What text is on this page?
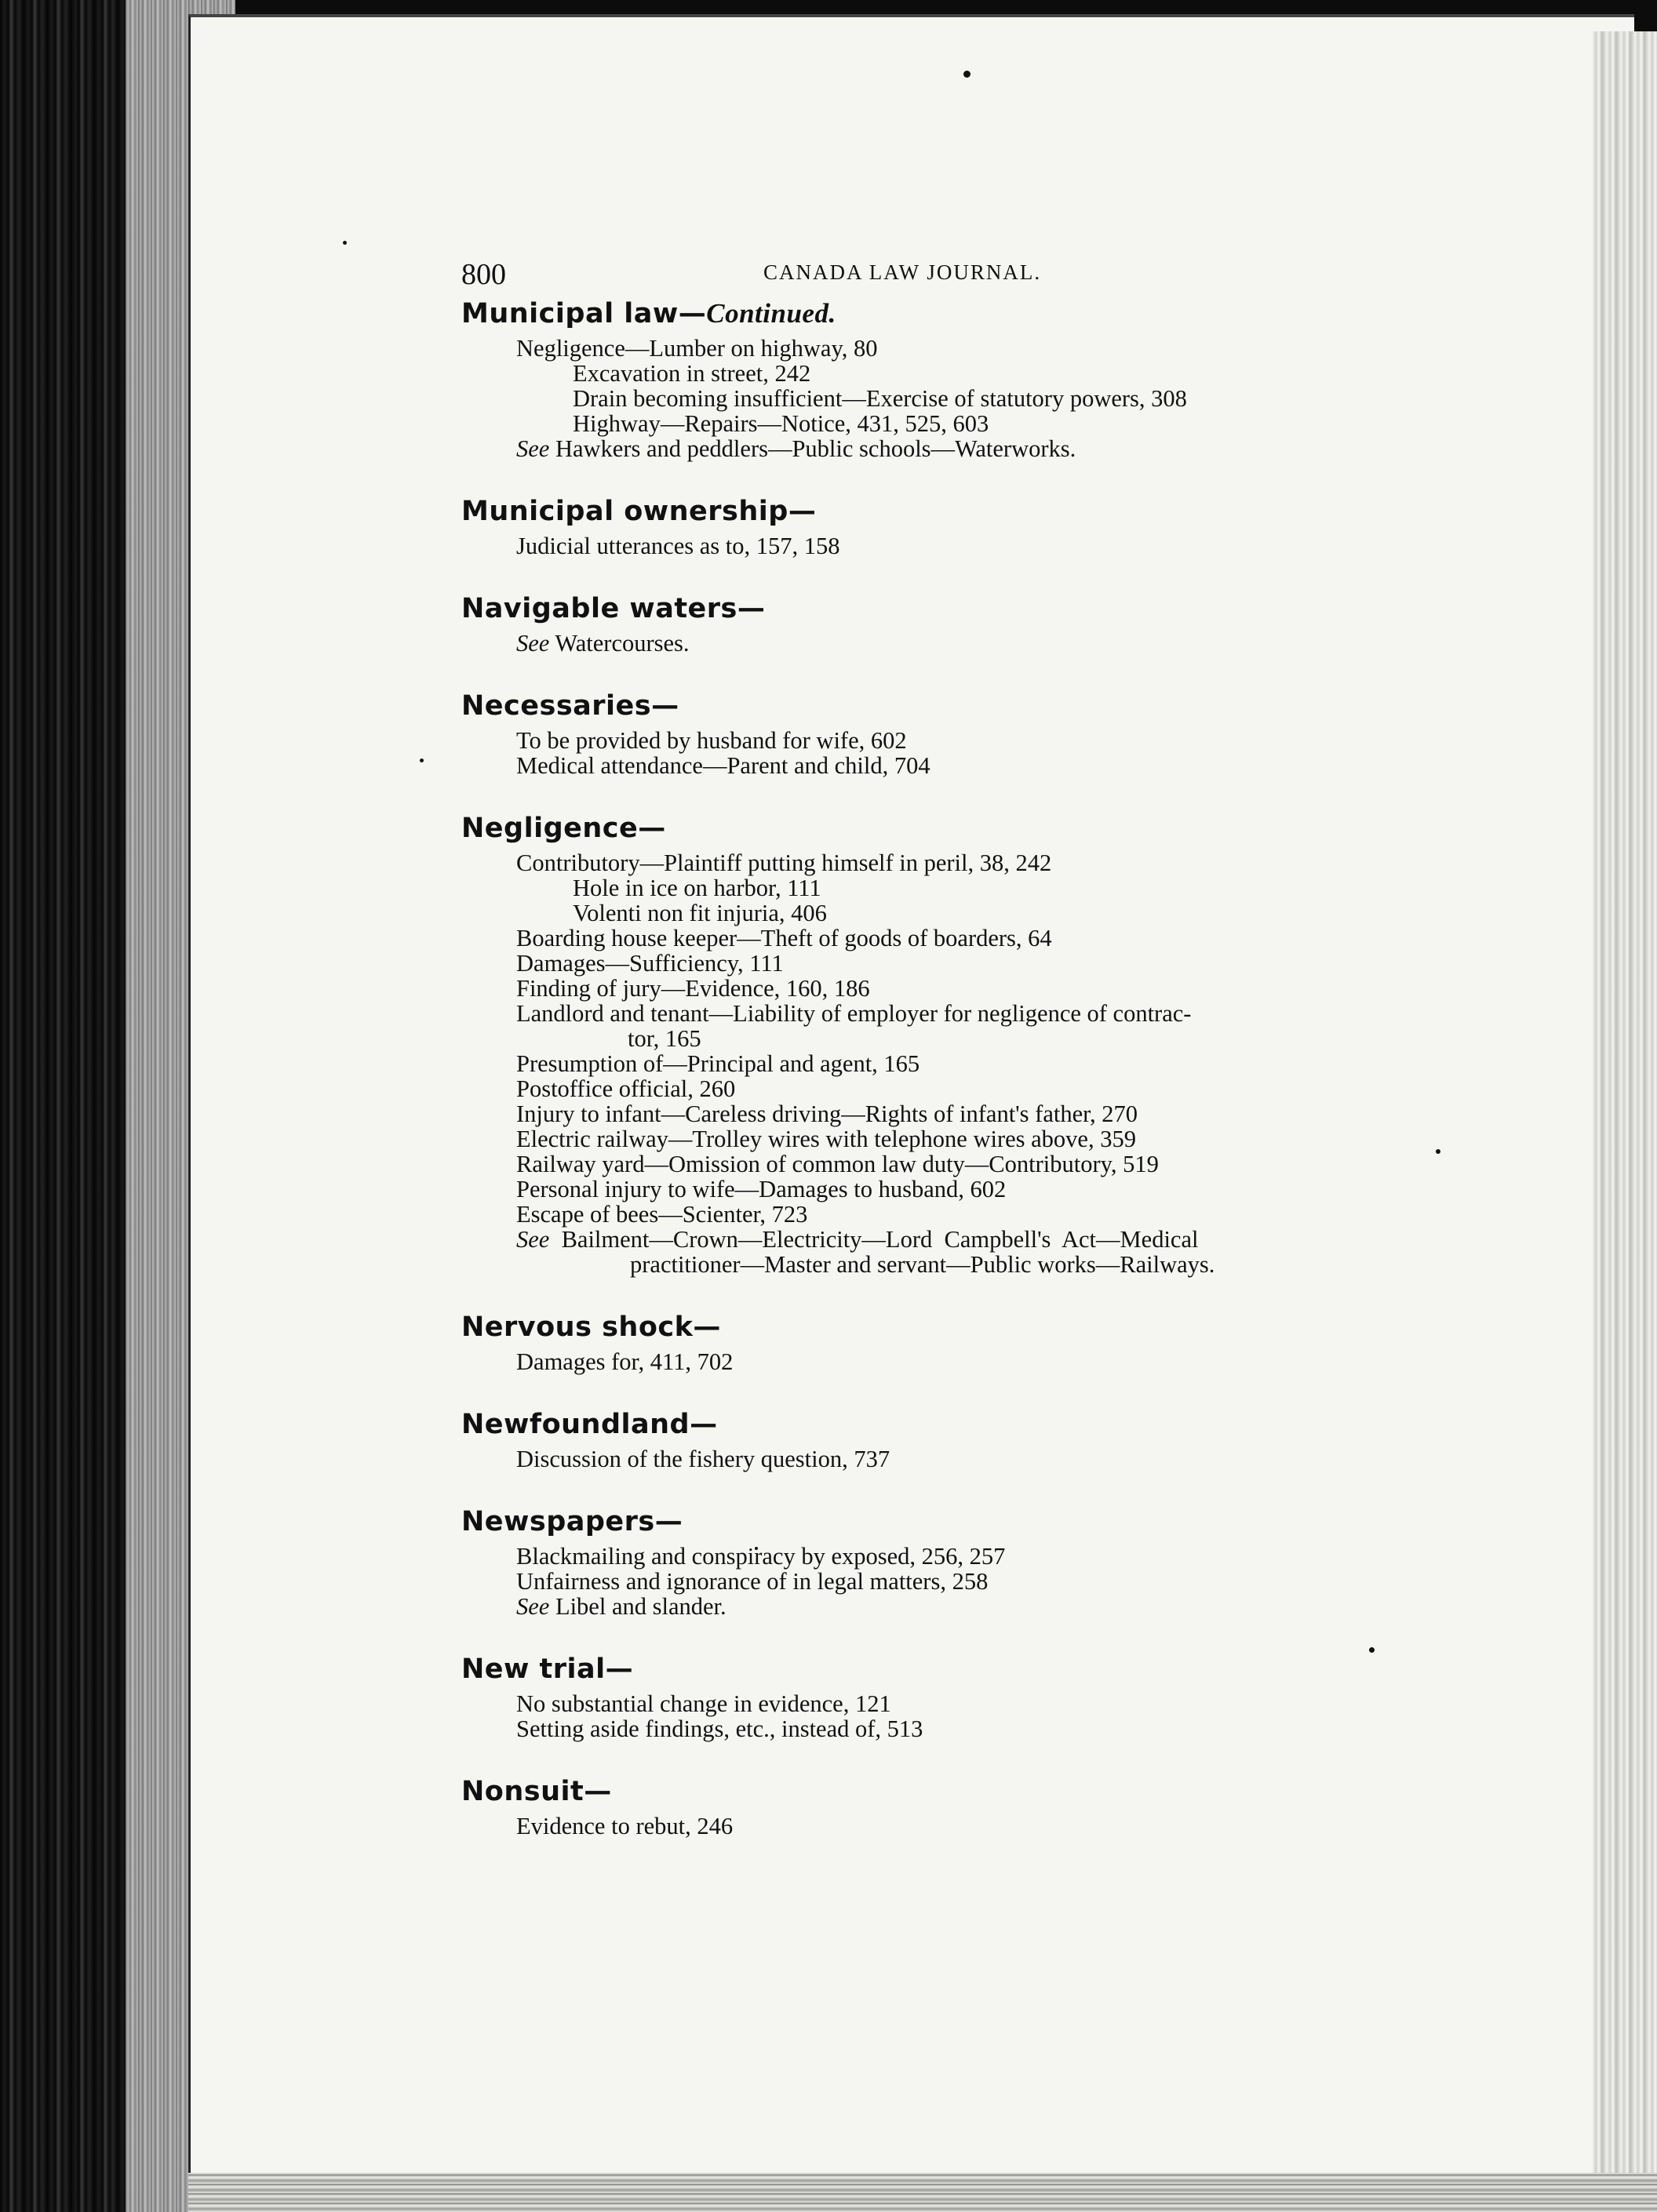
800	CANADA LAW JOURNAL.
Municipal law—Continued.
Negligence—Lumber on highway, 80
Excavation in street, 242
Drain becoming insufficient—Exercise of statutory powers, 308
Highway—Repairs—Notice, 431, 525, 603
See Hawkers and peddlers—Public schools—Waterworks.
Municipal ownership—
Judicial utterances as to, 157, 158
Navigable waters—
See Watercourses.
Necessaries—
To be provided by husband for wife, 602
Medical attendance—Parent and child, 704
Negligence—
Contributory—Plaintiff putting himself in peril, 38, 242
Hole in ice on harbor, 111
Volenti non fit injuria, 406
Boarding house keeper—Theft of goods of boarders, 64
Damages—Sufficiency, 111
Finding of jury—Evidence, 160, 186
Landlord and tenant—Liability of employer for negligence of contrac-
tor, 165
Presumption of—Principal and agent, 165
Postoffice official, 260
Injury to infant—Careless driving—Rights of infant's father, 270
Electric railway—Trolley wires with telephone wires above, 359
Railway yard—Omission of common law duty—Contributory, 519
Personal injury to wife—Damages to husband, 602
Escape of bees—Scienter, 723
See  Bailment—Crown—Electricity—Lord  Campbell's  Act—Medical
practitioner—Master and servant—Public works—Railways.
Nervous shock—
Damages for, 411, 702
Newfoundland—
Discussion of the fishery question, 737
Newspapers—
Blackmailing and conspiracy by exposed, 256, 257
Unfairness and ignorance of in legal matters, 258
See Libel and slander.
New trial—
No substantial change in evidence, 121
Setting aside findings, etc., instead of, 513
Nonsuit—
Evidence to rebut, 246
